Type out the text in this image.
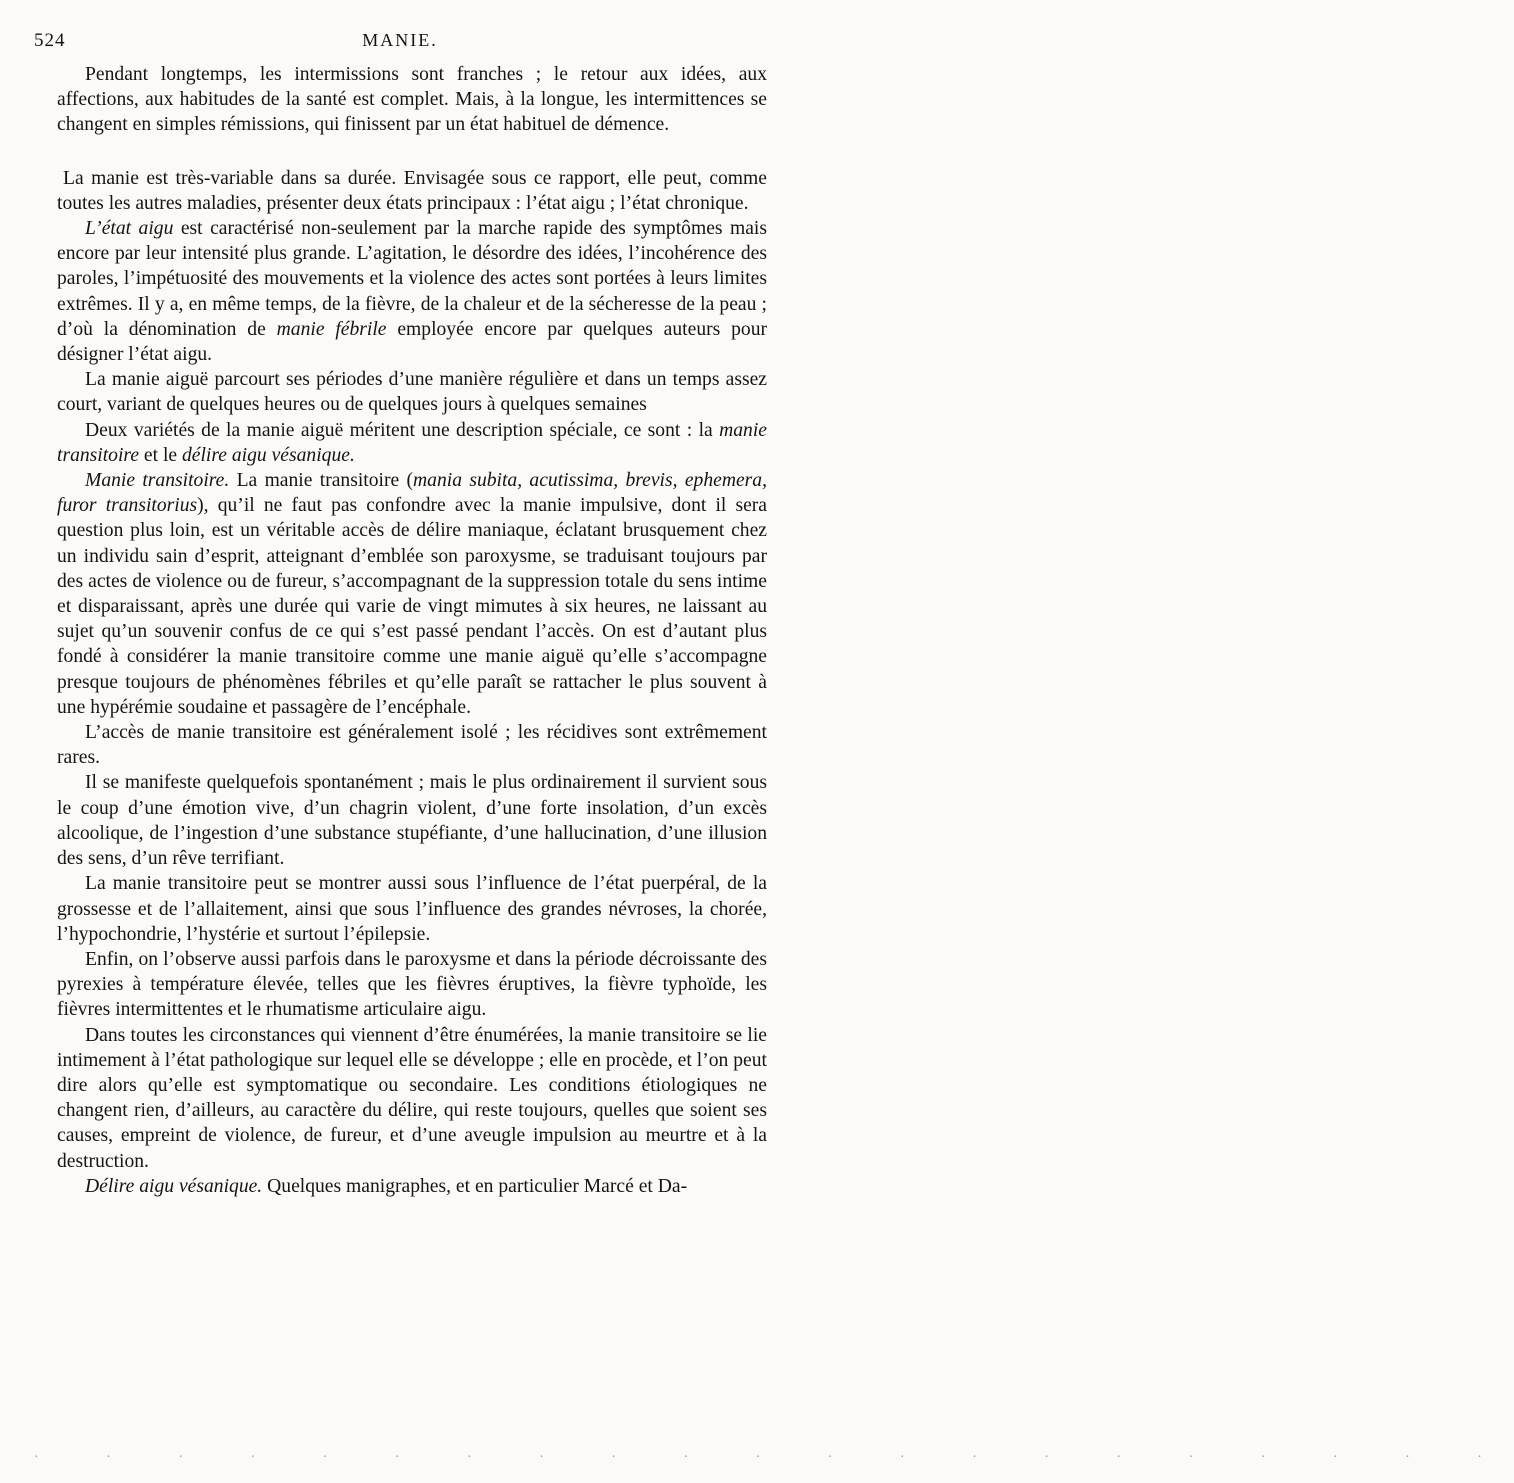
524	MANIE.

Pendant longtemps, les intermissions sont franches ; le retour aux idées, aux affections, aux habitudes de la santé est complet. Mais, à la longue, les intermittences se changent en simples rémissions, qui finissent par un état habituel de démence.

La manie est très-variable dans sa durée. Envisagée sous ce rapport, elle peut, comme toutes les autres maladies, présenter deux états principaux : l’état aigu ; l’état chronique.

L’état aigu est caractérisé non-seulement par la marche rapide des symptômes mais encore par leur intensité plus grande. L’agitation, le désordre des idées, l’incohérence des paroles, l’impétuosité des mouvements et la violence des actes sont portées à leurs limites extrêmes. Il y a, en même temps, de la fièvre, de la chaleur et de la sécheresse de la peau ; d’où la dénomination de manie fébrile employée encore par quelques auteurs pour désigner l’état aigu.

La manie aiguë parcourt ses périodes d’une manière régulière et dans un temps assez court, variant de quelques heures ou de quelques jours à quelques semaines

Deux variétés de la manie aiguë méritent une description spéciale, ce sont : la manie transitoire et le délire aigu vésanique.

Manie transitoire. La manie transitoire (mania subita, acutissima, brevis, ephemera, furor transitorius), qu’il ne faut pas confondre avec la manie impulsive, dont il sera question plus loin, est un véritable accès de délire maniaque, éclatant brusquement chez un individu sain d’esprit, atteignant d’emblée son paroxysme, se traduisant toujours par des actes de violence ou de fureur, s’accompagnant de la suppression totale du sens intime et disparaissant, après une durée qui varie de vingt mimutes à six heures, ne laissant au sujet qu’un souvenir confus de ce qui s’est passé pendant l’accès. On est d’autant plus fondé à considérer la manie transitoire comme une manie aiguë qu’elle s’accompagne presque toujours de phénomènes fébriles et qu’elle paraît se rattacher le plus souvent à une hypérémie soudaine et passagère de l’encéphale.

L’accès de manie transitoire est généralement isolé ; les récidives sont extrêmement rares.

Il se manifeste quelquefois spontanément ; mais le plus ordinairement il survient sous le coup d’une émotion vive, d’un chagrin violent, d’une forte insolation, d’un excès alcoolique, de l’ingestion d’une substance stupéfiante, d’une hallucination, d’une illusion des sens, d’un rêve terrifiant.

La manie transitoire peut se montrer aussi sous l’influence de l’état puerpéral, de la grossesse et de l’allaitement, ainsi que sous l’influence des grandes névroses, la chorée, l’hypochondrie, l’hystérie et surtout l’épilepsie.

Enfin, on l’observe aussi parfois dans le paroxysme et dans la période décroissante des pyrexies à température élevée, telles que les fièvres éruptives, la fièvre typhoïde, les fièvres intermittentes et le rhumatisme articulaire aigu.

Dans toutes les circonstances qui viennent d’être énumérées, la manie transitoire se lie intimement à l’état pathologique sur lequel elle se développe ; elle en procède, et l’on peut dire alors qu’elle est symptomatique ou secondaire. Les conditions étiologiques ne changent rien, d’ailleurs, au caractère du délire, qui reste toujours, quelles que soient ses causes, empreint de violence, de fureur, et d’une aveugle impulsion au meurtre et à la destruction.

Délire aigu vésanique. Quelques manigraphes, et en particulier Marcé et Da-

· · · · · · · · · · · · · · · · · · · · ·
